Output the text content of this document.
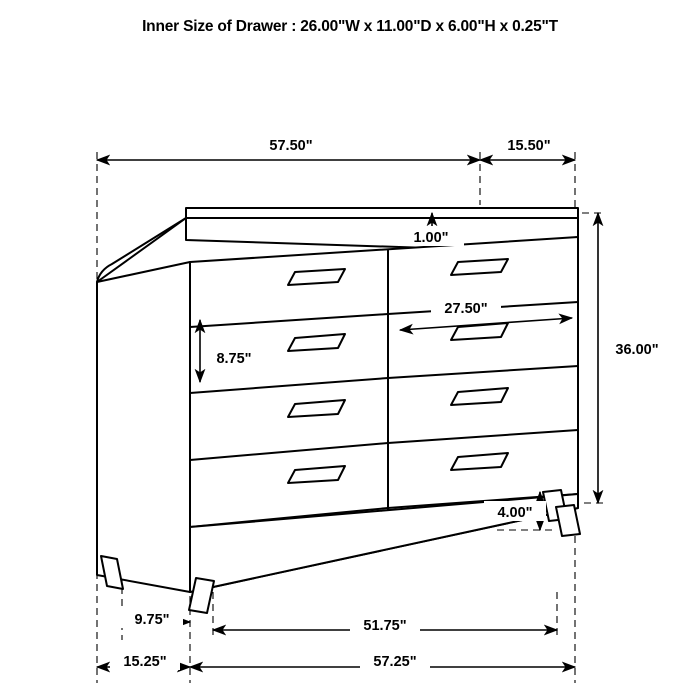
Inner Size of Drawer : 26.00"W x 11.00"D x 6.00"H x 0.25"T
57.50"	15.50"
1.00"
36.00"
27.50"
8.75"
4.00"
9.75"
15.25"
51.75"
57.25"
